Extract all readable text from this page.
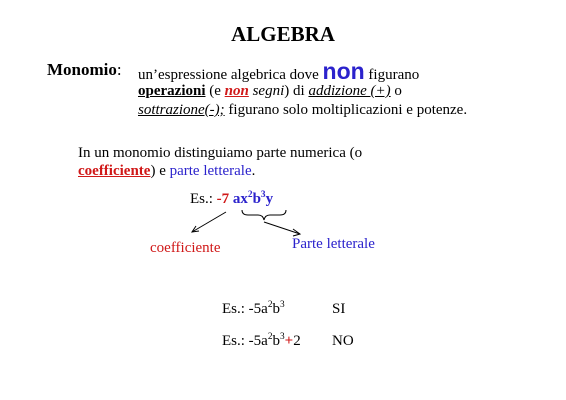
ALGEBRA
Monomio: un’espressione algebrica dove non figurano
operazioni (e non segni) di addizione (+) o
sottrazione(-); figurano solo moltiplicazioni e potenze.
In un monomio distinguiamo parte numerica (o
coefficiente) e parte letterale.
Es.: -7 $ax^2b^3y$
coefficiente	Parte letterale
Es.: $-5a^2b^3$	SI
Es.: $-5a^2b^3+2$ NO
